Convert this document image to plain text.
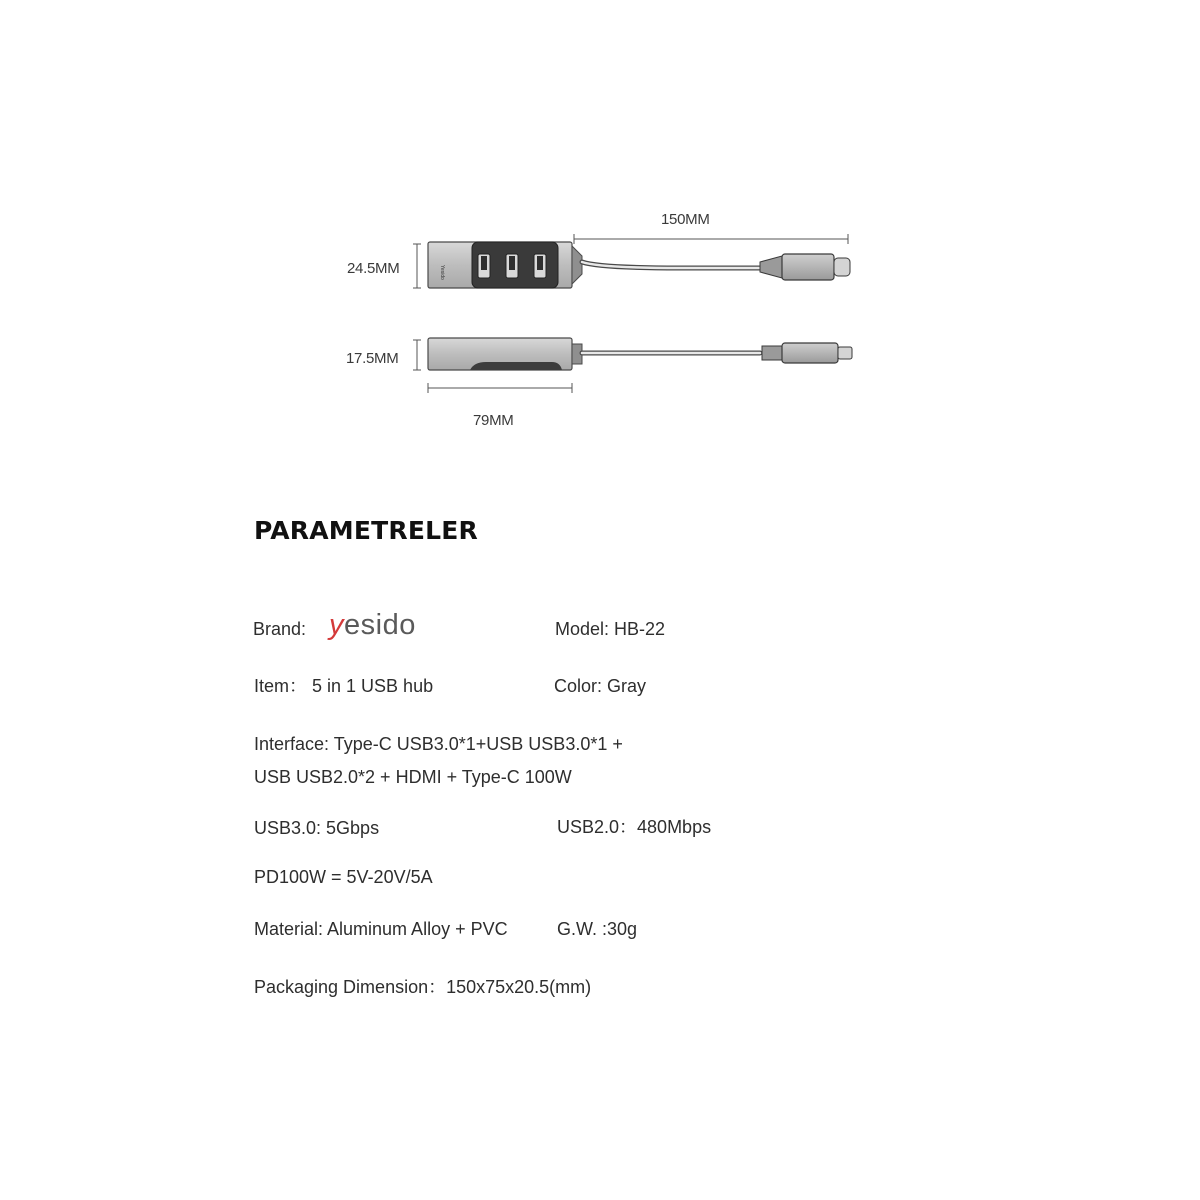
Yesido
150MM
24.5MM
17.5MM
79MM
PARAMETRELER
Brand: yesido	Model: HB-22
Item： 5 in 1 USB hub	Color: Gray
Interface: Type-C USB3.0*1+USB USB3.0*1 +
USB USB2.0*2 + HDMI + Type-C 100W
USB3.0: 5Gbps	USB2.0：480Mbps
PD100W = 5V-20V/5A
Material: Aluminum Alloy + PVC	G.W. :30g
Packaging Dimension：150x75x20.5(mm)
